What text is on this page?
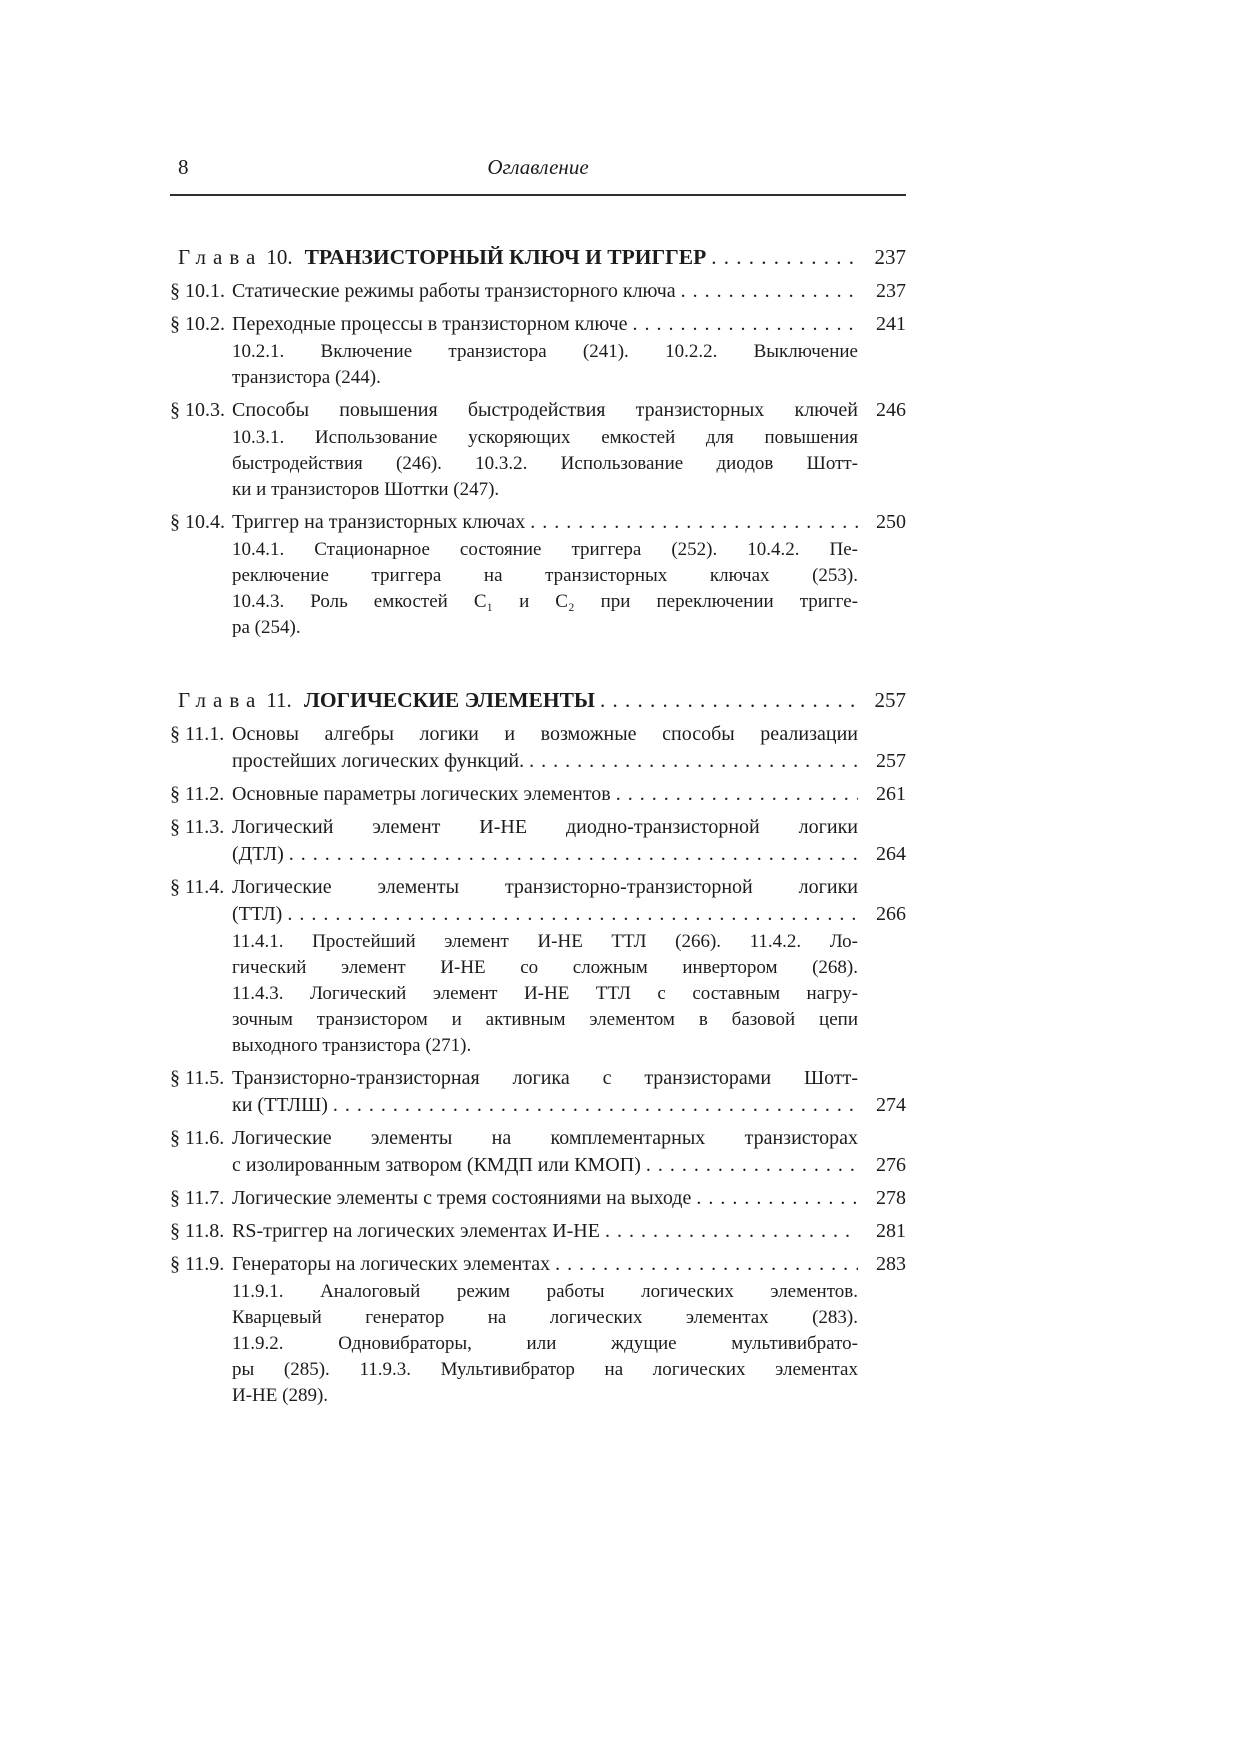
8	Оглавление
Глава 10. ТРАНЗИСТОРНЫЙ КЛЮЧ И ТРИГГЕР . . .	237
§ 10.1. Статические режимы работы транзисторного ключа . . .	237
§ 10.2. Переходные процессы в транзисторном ключе . . .	241
10.2.1. Включение транзистора (241). 10.2.2. Выключение
транзистора (244).
§ 10.3. Способы повышения быстродействия транзисторных ключей 246
10.3.1. Использование ускоряющих емкостей для повышения
быстродействия (246). 10.3.2. Использование диодов Шотт-
ки и транзисторов Шоттки (247).
§ 10.4. Триггер на транзисторных ключах . . .	250
10.4.1. Стационарное состояние триггера (252). 10.4.2. Пе-
реключение триггера на транзисторных ключах (253).
10.4.3. Роль емкостей C₁ и C₂ при переключении тригге-
ра (254).
Глава 11. ЛОГИЧЕСКИЕ ЭЛЕМЕНТЫ . . .	257
§ 11.1. Основы алгебры логики и возможные способы реализации
простейших логических функций. . . .	257
§ 11.2. Основные параметры логических элементов . . .	261
§ 11.3. Логический элемент И-НЕ диодно-транзисторной логики
(ДТЛ) . . .	264
§ 11.4. Логические элементы транзисторно-транзисторной логики
(ТТЛ) . . .	266
11.4.1. Простейший элемент И-НЕ ТТЛ (266). 11.4.2. Ло-
гический элемент И-НЕ со сложным инвертором (268).
11.4.3. Логический элемент И-НЕ ТТЛ с составным нагру-
зочным транзистором и активным элементом в базовой цепи
выходного транзистора (271).
§ 11.5. Транзисторно-транзисторная логика с транзисторами Шотт-
ки (ТТЛШ) . . .	274
§ 11.6. Логические элементы на комплементарных транзисторах
с изолированным затвором (КМДП или КМОП) . . .	276
§ 11.7. Логические элементы с тремя состояниями на выходе . . .	278
§ 11.8. RS-триггер на логических элементах И-НЕ . . .	281
§ 11.9. Генераторы на логических элементах . . .	283
11.9.1. Аналоговый режим работы логических элементов.
Кварцевый генератор на логических элементах (283).
11.9.2. Одновибраторы, или ждущие мультивибрато-
ры (285). 11.9.3. Мультивибратор на логических элементах
И-НЕ (289).
